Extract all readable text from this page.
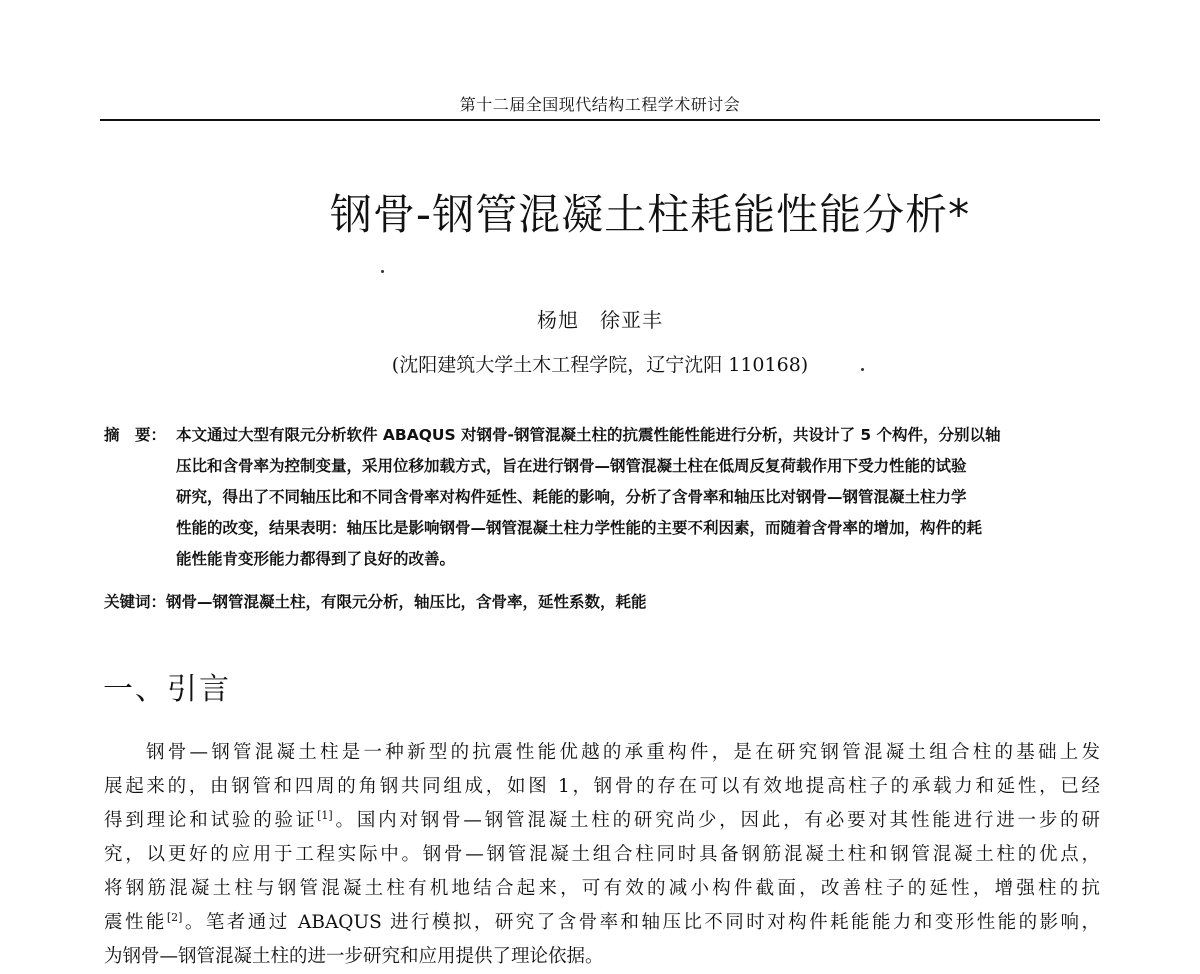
第十二届全国现代结构工程学术研讨会
钢骨-钢管混凝土柱耗能性能分析*
杨旭　徐亚丰
(沈阳建筑大学土木工程学院，辽宁沈阳 110168)
摘　要： 本文通过大型有限元分析软件 ABAQUS 对钢骨-钢管混凝土柱的抗震性能性能进行分析，共设计了 5 个构件，分别以轴
压比和含骨率为控制变量，采用位移加载方式，旨在进行钢骨—钢管混凝土柱在低周反复荷载作用下受力性能的试验
研究，得出了不同轴压比和不同含骨率对构件延性、耗能的影响，分析了含骨率和轴压比对钢骨—钢管混凝土柱力学
性能的改变，结果表明：轴压比是影响钢骨—钢管混凝土柱力学性能的主要不利因素，而随着含骨率的增加，构件的耗
能性能肯变形能力都得到了良好的改善。
关键词：钢骨—钢管混凝土柱，有限元分析，轴压比，含骨率，延性系数，耗能
一、引言
钢骨—钢管混凝土柱是一种新型的抗震性能优越的承重构件，是在研究钢管混凝土组合柱的基础上发
展起来的，由钢管和四周的角钢共同组成，如图 1，钢骨的存在可以有效地提高柱子的承载力和延性，已经
得到理论和试验的验证[1]。国内对钢骨—钢管混凝土柱的研究尚少，因此，有必要对其性能进行进一步的研
究，以更好的应用于工程实际中。钢骨—钢管混凝土组合柱同时具备钢筋混凝土柱和钢管混凝土柱的优点，
将钢筋混凝土柱与钢管混凝土柱有机地结合起来，可有效的减小构件截面，改善柱子的延性，增强柱的抗
震性能[2]。笔者通过 ABAQUS 进行模拟，研究了含骨率和轴压比不同时对构件耗能能力和变形性能的影响，
为钢骨—钢管混凝土柱的进一步研究和应用提供了理论依据。
